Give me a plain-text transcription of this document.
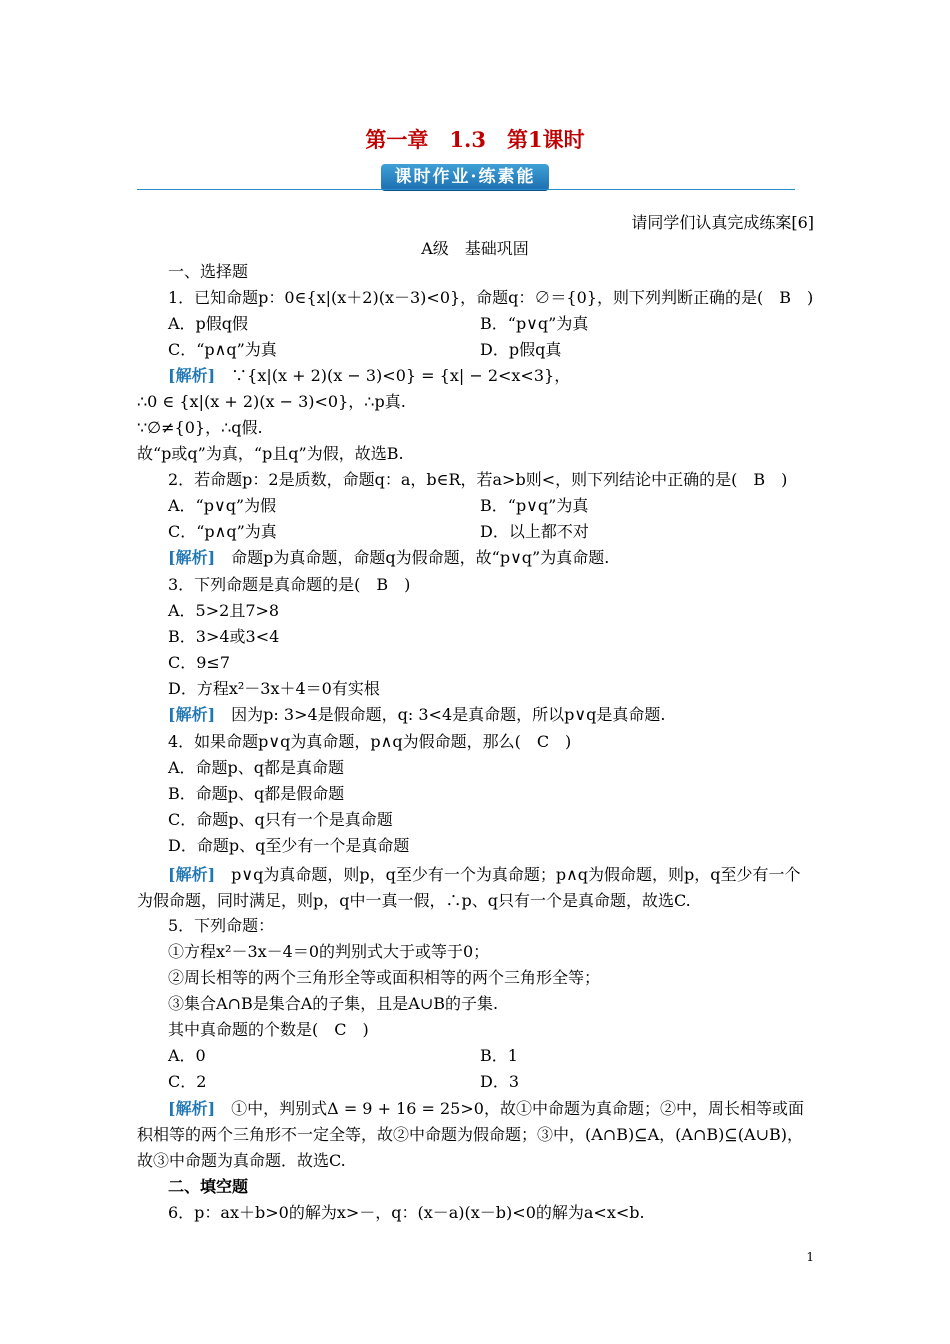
第一章　1.3　第1课时
课时作业·练素能
请同学们认真完成练案[6]
A级　基础巩固
一、选择题
1．已知命题p：0∈{x|(x＋2)(x－3)<0}，命题q：∅＝{0}，则下列判断正确的是(　B　)
A．p假q假	B．“p∨q”为真
C．“p∧q”为真	D．p假q真
[解析]　 ∵{x|(x + 2)(x − 3)<0} = {x| − 2<x<3}，
∴0 ∈ {x|(x + 2)(x − 3)<0}，∴p真.
∵∅≠{0}，∴q假.
故“p或q”为真，“p且q”为假，故选B.
2．若命题p：2是质数，命题q：a，b∈R，若a>b则<，则下列结论中正确的是(　B　)
A．“p∨q”为假	B．“p∨q”为真
C．“p∧q”为真	D．以上都不对
[解析]　 命题p为真命题，命题q为假命题，故“p∨q”为真命题.
3．下列命题是真命题的是(　B　)
A．5>2且7>8
B．3>4或3<4
C．9≤7
D．方程x²－3x＋4＝0有实根
[解析]　 因为p: 3>4是假命题，q: 3<4是真命题，所以p∨q是真命题.
4．如果命题p∨q为真命题，p∧q为假命题，那么(　C　)
A．命题p、q都是真命题
B．命题p、q都是假命题
C．命题p、q只有一个是真命题
D．命题p、q至少有一个是真命题
[解析]　 p∨q为真命题，则p，q至少有一个为真命题；p∧q为假命题，则p，q至少有一个为假命题，同时满足，则p，q中一真一假，∴p、q只有一个是真命题，故选C.
5．下列命题：
①方程x²－3x－4＝0的判别式大于或等于0；
②周长相等的两个三角形全等或面积相等的两个三角形全等；
③集合A∩B是集合A的子集，且是A∪B的子集.
其中真命题的个数是(　C　)
A．0	B．1
C．2	D．3
[解析]　 ①中，判别式Δ = 9 + 16 = 25>0，故①中命题为真命题；②中，周长相等或面积相等的两个三角形不一定全等，故②中命题为假命题；③中，(A∩B)⊆A，(A∩B)⊆(A∪B)，故③中命题为真命题．故选C.
二、填空题
6．p：ax＋b>0的解为x>－，q：(x－a)(x－b)<0的解为a<x<b.
1
